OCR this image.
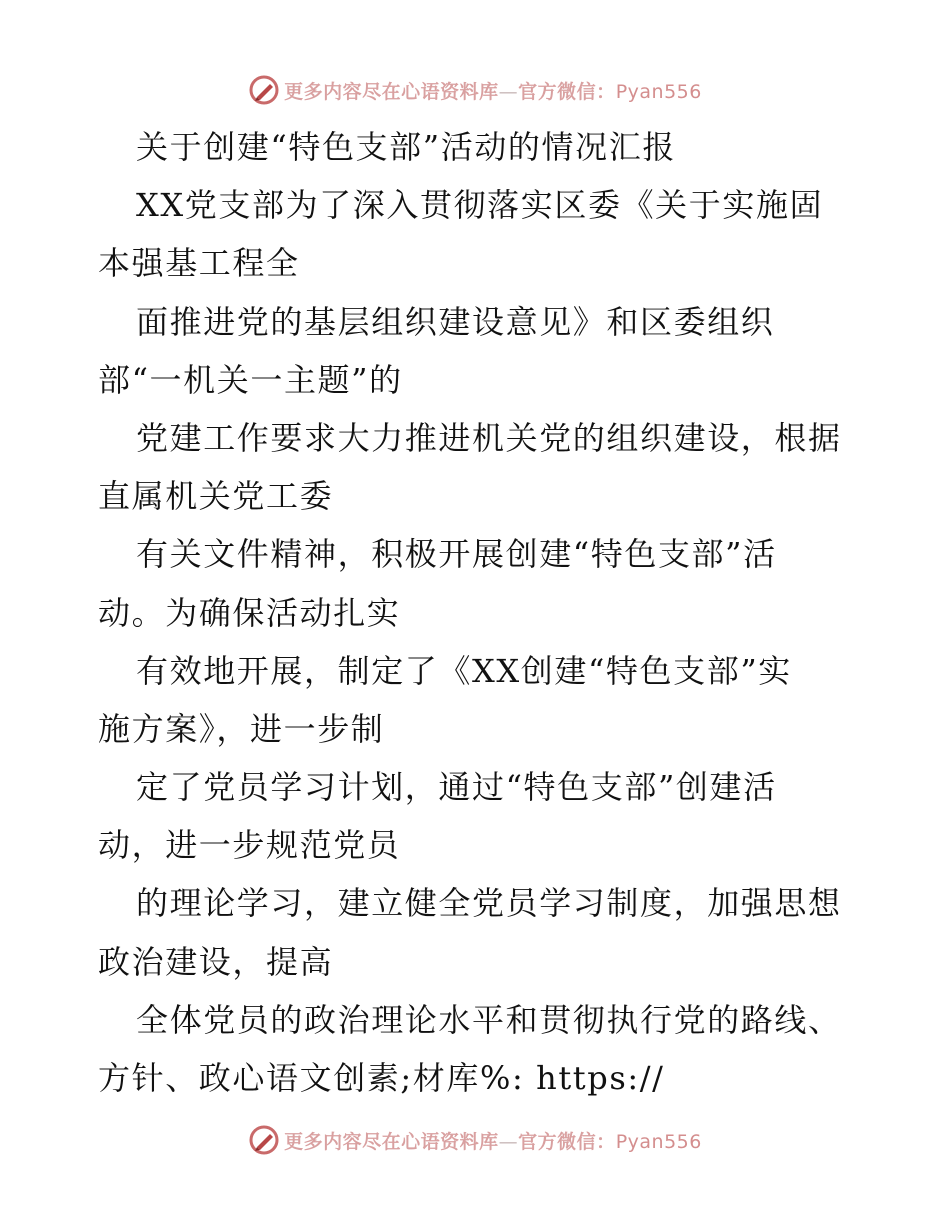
更多内容尽在心语资料库—官方微信：Pyan556
关于创建“特色支部”活动的情况汇报
XX党支部为了深入贯彻落实区委《关于实施固
本强基工程全
面推进党的基层组织建设意见》和区委组织
部“一机关一主题”的
党建工作要求大力推进机关党的组织建设，根据
直属机关党工委
有关文件精神，积极开展创建“特色支部”活
动。为确保活动扎实
有效地开展，制定了《XX创建“特色支部”实
施方案》，进一步制
定了党员学习计划，通过“特色支部”创建活
动，进一步规范党员
的理论学习，建立健全党员学习制度，加强思想
政治建设，提高
全体党员的政治理论水平和贯彻执行党的路线、
方针、政心语文创素;材库%: https://
更多内容尽在心语资料库—官方微信：Pyan556
